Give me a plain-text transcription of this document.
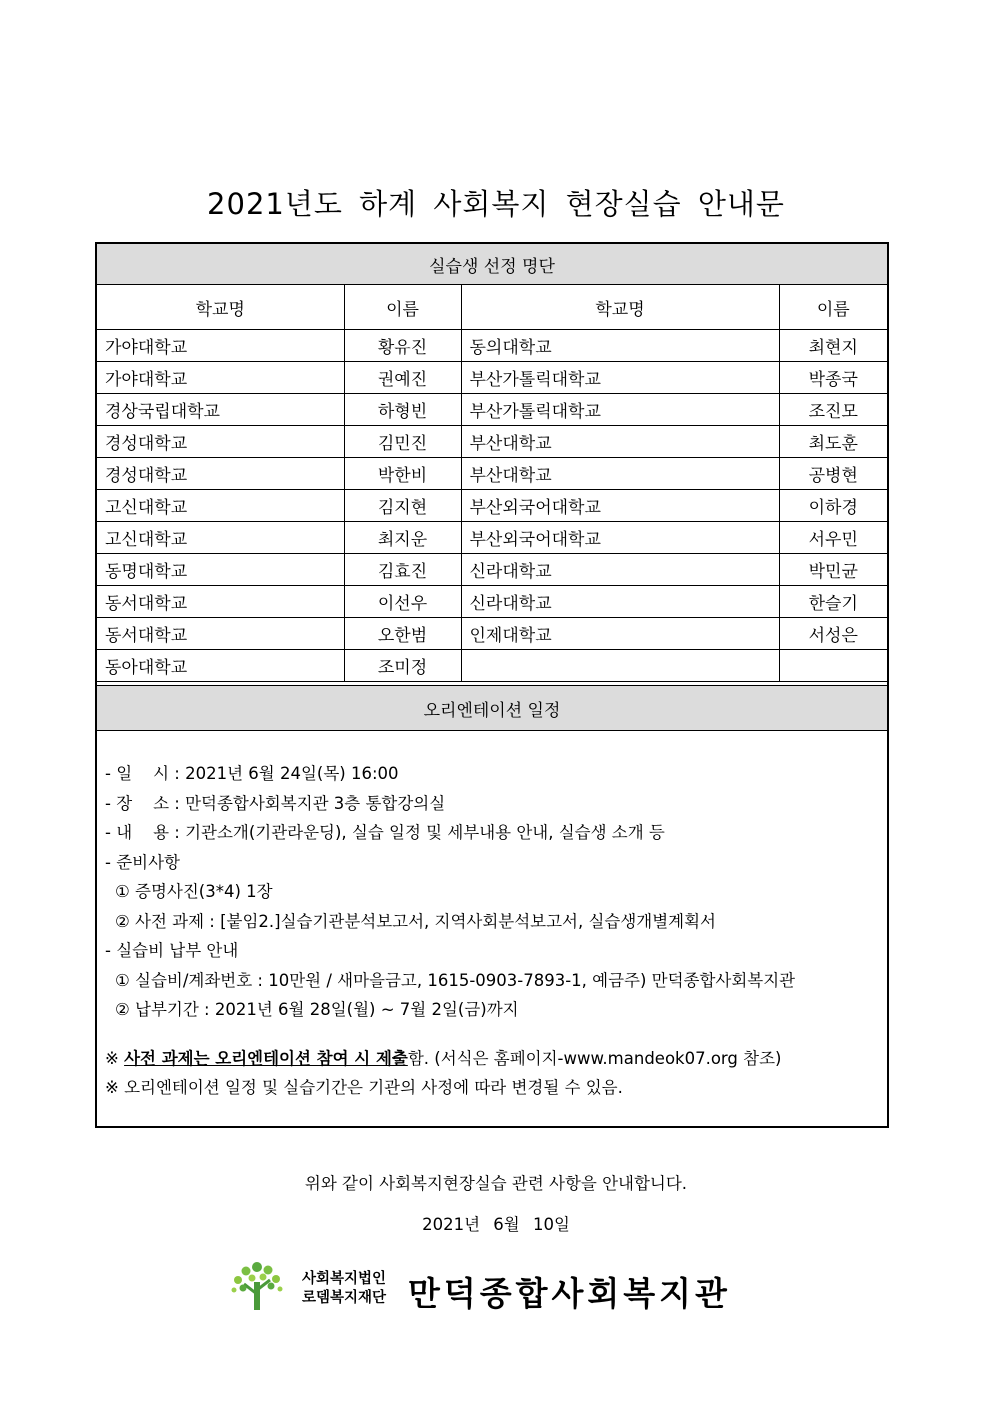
2021년도 하계 사회복지 현장실습 안내문
실습생 선정 명단
학교명	이름	학교명	이름
가야대학교	황유진	동의대학교	최현지
가야대학교	권예진	부산가톨릭대학교	박종국
경상국립대학교	하형빈	부산가톨릭대학교	조진모
경성대학교	김민진	부산대학교	최도훈
경성대학교	박한비	부산대학교	공병현
고신대학교	김지현	부산외국어대학교	이하경
고신대학교	최지운	부산외국어대학교	서우민
동명대학교	김효진	신라대학교	박민균
동서대학교	이선우	신라대학교	한슬기
동서대학교	오한범	인제대학교	서성은
동아대학교	조미정		
오리엔테이션 일정
- 일    시 : 2021년 6월 24일(목) 16:00
- 장    소 : 만덕종합사회복지관 3층 통합강의실
- 내    용 : 기관소개(기관라운딩), 실습 일정 및 세부내용 안내, 실습생 소개 등
- 준비사항
① 증명사진(3*4) 1장
② 사전 과제 : [붙임2.]실습기관분석보고서, 지역사회분석보고서, 실습생개별계획서
- 실습비 납부 안내
① 실습비/계좌번호 : 10만원 / 새마을금고, 1615-0903-7893-1, 예금주) 만덕종합사회복지관
② 납부기간 : 2021년 6월 28일(월) ~ 7월 2일(금)까지
※ 사전 과제는 오리엔테이션 참여 시 제출함. (서식은 홈페이지-www.mandeok07.org 참조)
※ 오리엔테이션 일정 및 실습기간은 기관의 사정에 따라 변경될 수 있음.
위와 같이 사회복지현장실습 관련 사항을 안내합니다.
2021년 6월 10일
사회복지법인
로뎀복지재단 만덕종합사회복지관
